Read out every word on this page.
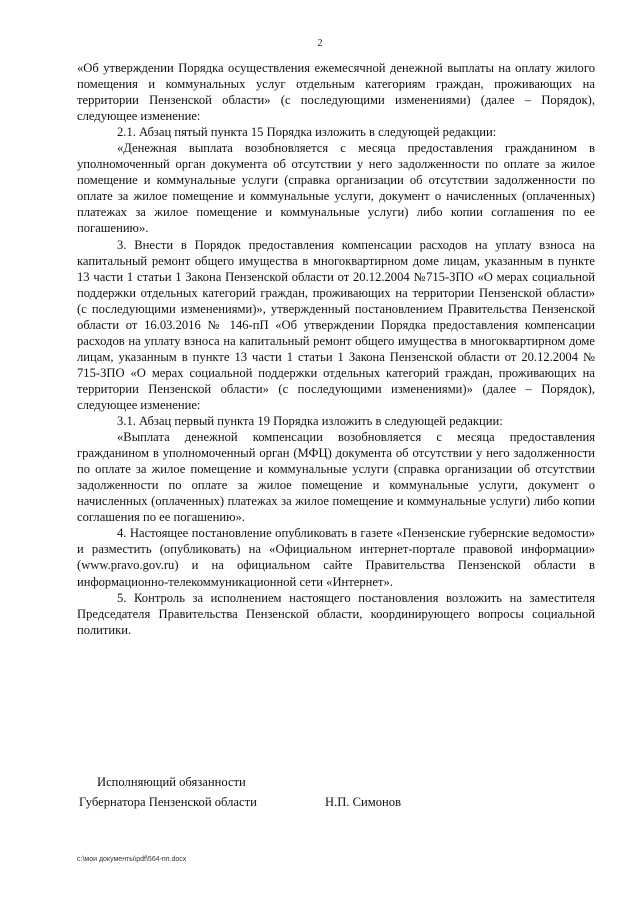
2

«Об утверждении Порядка осуществления ежемесячной денежной выплаты на оплату жилого помещения и коммунальных услуг отдельным категориям граждан, проживающих на территории Пензенской области» (с последующими изменениями) (далее – Порядок), следующее изменение:

2.1. Абзац пятый пункта 15 Порядка изложить в следующей редакции:

«Денежная выплата возобновляется с месяца предоставления гражданином в уполномоченный орган документа об отсутствии у него задолженности по оплате за жилое помещение и коммунальные услуги (справка организации об отсутствии задолженности по оплате за жилое помещение и коммунальные услуги, документ о начисленных (оплаченных) платежах за жилое помещение и коммунальные услуги) либо копии соглашения по ее погашению».

3. Внести в Порядок предоставления компенсации расходов на уплату взноса на капитальный ремонт общего имущества в многоквартирном доме лицам, указанным в пункте 13 части 1 статьи 1 Закона Пензенской области от 20.12.2004 №715-ЗПО «О мерах социальной поддержки отдельных категорий граждан, проживающих на территории Пензенской области» (с последующими изменениями)», утвержденный постановлением Правительства Пензенской области от 16.03.2016 № 146-пП «Об утверждении Порядка предоставления компенсации расходов на уплату взноса на капитальный ремонт общего имущества в многоквартирном доме лицам, указанным в пункте 13 части 1 статьи 1 Закона Пензенской области от 20.12.2004 № 715-ЗПО «О мерах социальной поддержки отдельных категорий граждан, проживающих на территории Пензенской области» (с последующими изменениями)» (далее – Порядок), следующее изменение:

3.1. Абзац первый пункта 19 Порядка изложить в следующей редакции:

«Выплата денежной компенсации возобновляется с месяца предоставления гражданином в уполномоченный орган (МФЦ) документа об отсутствии у него задолженности по оплате за жилое помещение и коммунальные услуги (справка организации об отсутствии задолженности по оплате за жилое помещение и коммунальные услуги, документ о начисленных (оплаченных) платежах за жилое помещение и коммунальные услуги) либо копии соглашения по ее погашению».

4. Настоящее постановление опубликовать в газете «Пензенские губернские ведомости» и разместить (опубликовать) на «Официальном интернет-портале правовой информации» (www.pravo.gov.ru) и на официальном сайте Правительства Пензенской области в информационно-телекоммуникационной сети «Интернет».

5. Контроль за исполнением настоящего постановления возложить на заместителя Председателя Правительства Пензенской области, координирующего вопросы социальной политики.

Исполняющий обязанности
Губернатора Пензенской области	Н.П. Симонов
c:\мои документы\pdf\564-пп.docx
